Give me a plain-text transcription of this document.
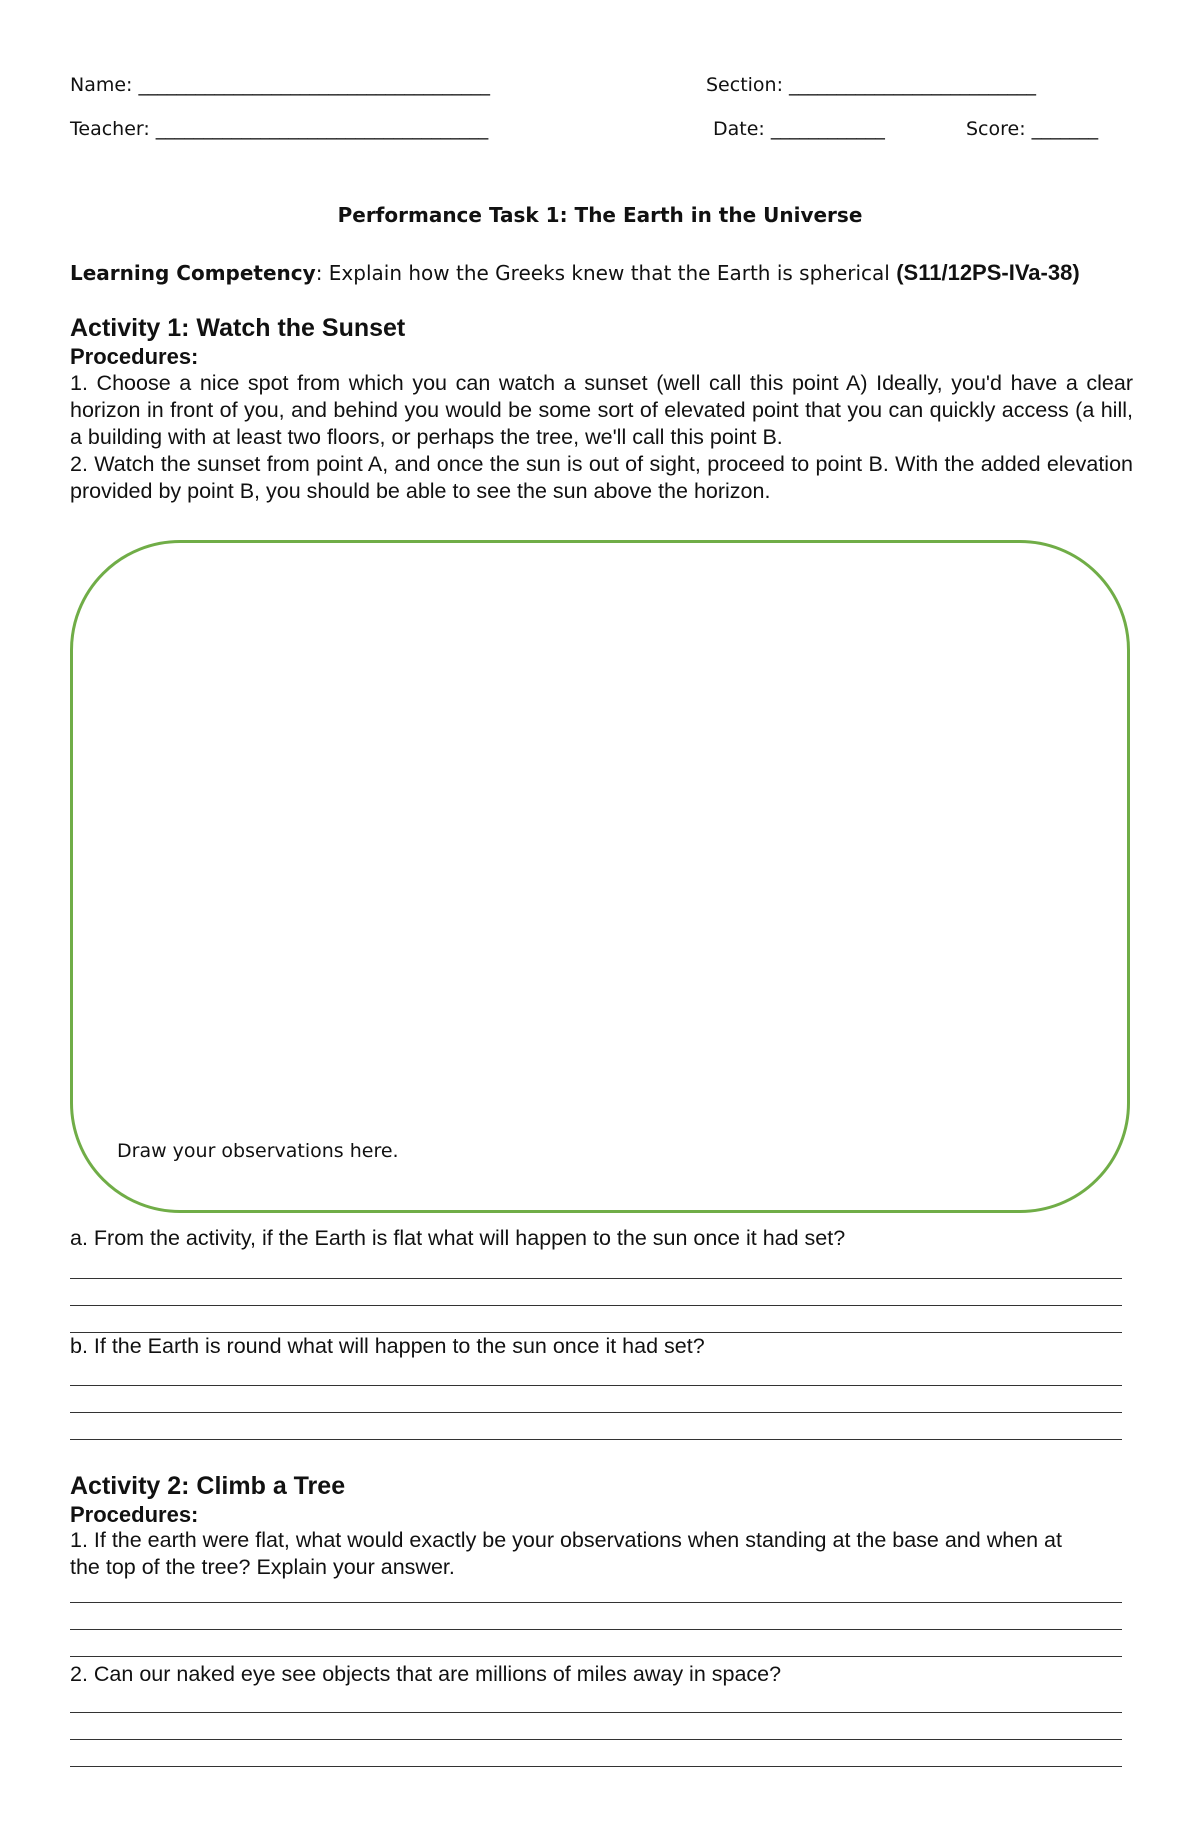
Name: _____________________________________	Section: __________________________
Teacher: ___________________________________	Date: ____________	Score: _______
Performance Task 1: The Earth in the Universe
Learning Competency: Explain how the Greeks knew that the Earth is spherical (S11/12PS-IVa-38)
Activity 1: Watch the Sunset
Procedures:
1. Choose a nice spot from which you can watch a sunset (well call this point A) Ideally, you'd have a clear horizon in front of you, and behind you would be some sort of elevated point that you can quickly access (a hill, a building with at least two floors, or perhaps the tree, we'll call this point B.
2. Watch the sunset from point A, and once the sun is out of sight, proceed to point B. With the added elevation provided by point B, you should be able to see the sun above the horizon.
Draw your observations here.
a. From the activity, if the Earth is flat what will happen to the sun once it had set?
b. If the Earth is round what will happen to the sun once it had set?
Activity 2: Climb a Tree
Procedures:
1. If the earth were flat, what would exactly be your observations when standing at the base and when at the top of the tree? Explain your answer.
2. Can our naked eye see objects that are millions of miles away in space?
